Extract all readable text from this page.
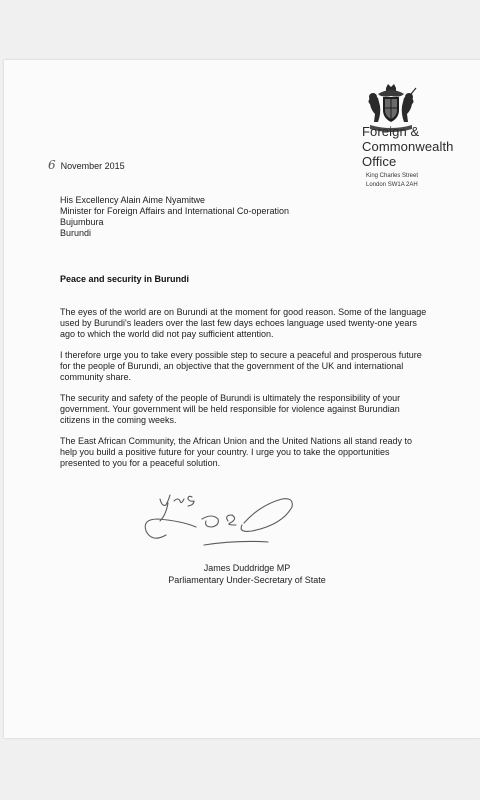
Foreign &
Commonwealth
Office
King Charles Street
London SW1A 2AH
6 November 2015
His Excellency Alain Aime Nyamitwe
Minister for Foreign Affairs and International Co-operation
Bujumbura
Burundi
Peace and security in Burundi

The eyes of the world are on Burundi at the moment for good reason. Some of the language used by Burundi's leaders over the last few days echoes language used twenty-one years ago to which the world did not pay sufficient attention.

I therefore urge you to take every possible step to secure a peaceful and prosperous future for the people of Burundi, an objective that the government of the UK and international community share.

The security and safety of the people of Burundi is ultimately the responsibility of your government. Your government will be held responsible for violence against Burundian citizens in the coming weeks.

The East African Community, the African Union and the United Nations all stand ready to help you build a positive future for your country. I urge you to take the opportunities presented to you for a peaceful solution.

James Duddridge MP
Parliamentary Under-Secretary of State
